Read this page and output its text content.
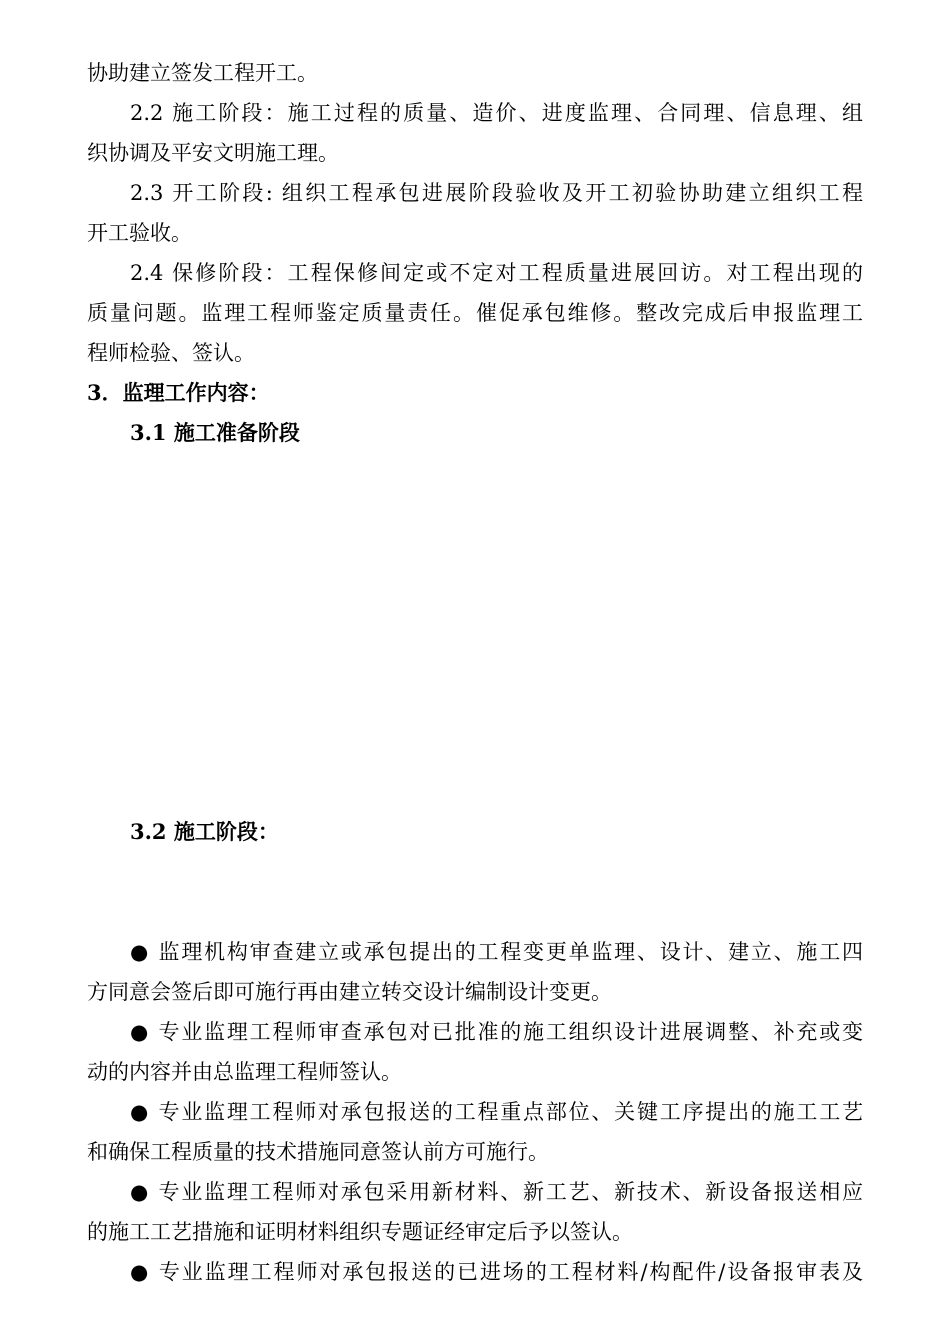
协助建立签发工程开工。
2.2 施工阶段：施工过程的质量、造价、进度监理、合同理、信息理、组
织协调及平安文明施工理。
2.3 开工阶段: 组织工程承包进展阶段验收及开工初验协助建立组织工程
开工验收。
2.4 保修阶段：工程保修间定或不定对工程质量进展回访。对工程出现的
质量问题。监理工程师鉴定质量责任。催促承包维修。整改完成后申报监理工
程师检验、签认。
3．监理工作内容：
3.1 施工准备阶段
3.2 施工阶段：
● 监理机构审查建立或承包提出的工程变更单监理、设计、建立、施工四
方同意会签后即可施行再由建立转交设计编制设计变更。
● 专业监理工程师审查承包对已批准的施工组织设计进展调整、补充或变
动的内容并由总监理工程师签认。
● 专业监理工程师对承包报送的工程重点部位、关键工序提出的施工工艺
和确保工程质量的技术措施同意签认前方可施行。
● 专业监理工程师对承包采用新材料、新工艺、新技术、新设备报送相应
的施工工艺措施和证明材料组织专题证经审定后予以签认。
● 专业监理工程师对承包报送的已进场的工程材料/构配件/设备报审表及
